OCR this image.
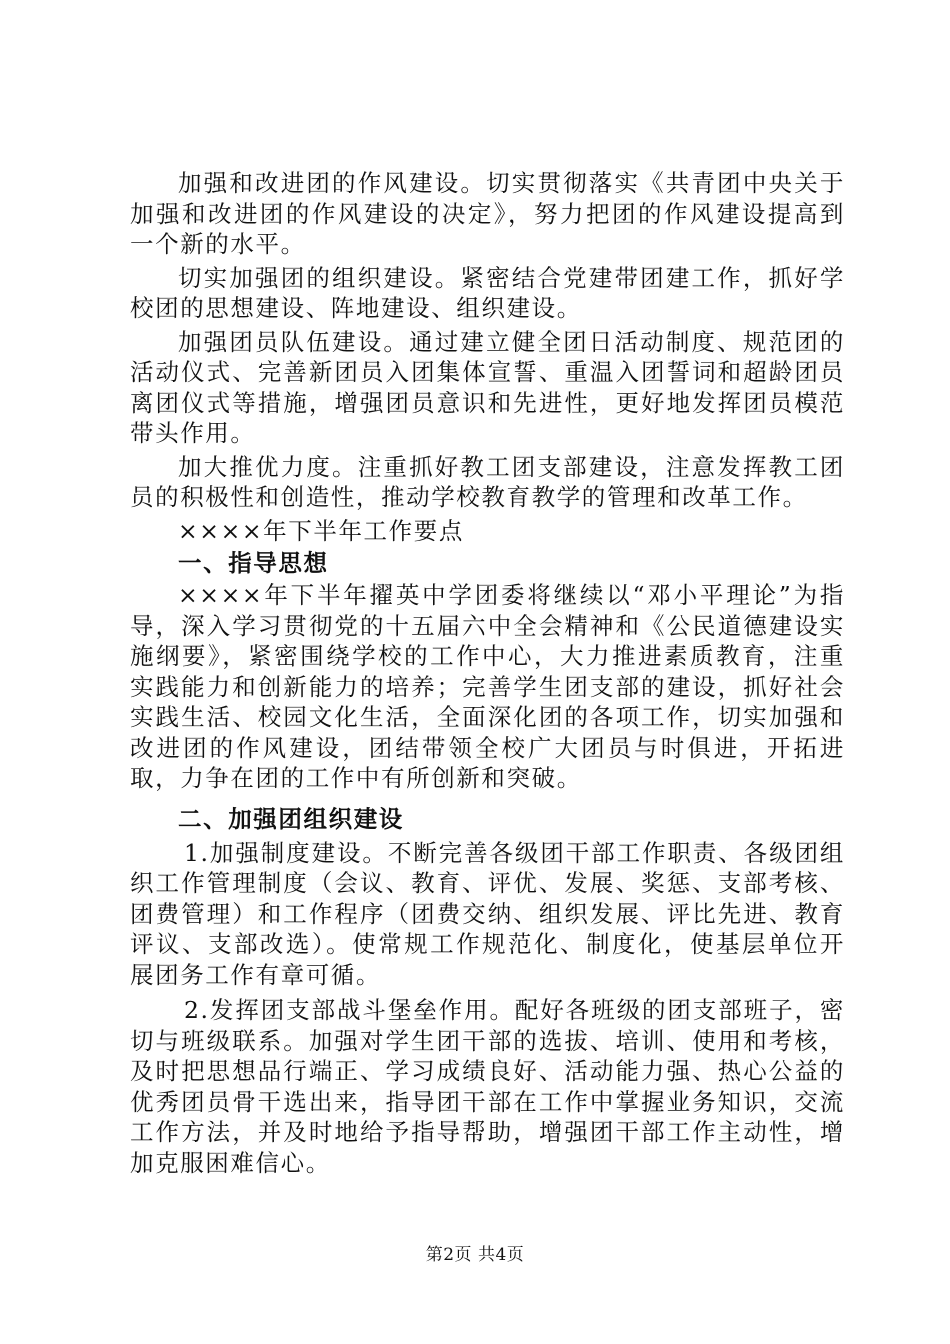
加强和改进团的作风建设。切实贯彻落实《共青团中央关于加强和改进团的作风建设的决定》，努力把团的作风建设提高到一个新的水平。

切实加强团的组织建设。紧密结合党建带团建工作，抓好学校团的思想建设、阵地建设、组织建设。

加强团员队伍建设。通过建立健全团日活动制度、规范团的活动仪式、完善新团员入团集体宣誓、重温入团誓词和超龄团员离团仪式等措施，增强团员意识和先进性，更好地发挥团员模范带头作用。

加大推优力度。注重抓好教工团支部建设，注意发挥教工团员的积极性和创造性，推动学校教育教学的管理和改革工作。

××××年下半年工作要点

一、指导思想

××××年下半年擢英中学团委将继续以“邓小平理论”为指导，深入学习贯彻党的十五届六中全会精神和《公民道德建设实施纲要》，紧密围绕学校的工作中心，大力推进素质教育，注重实践能力和创新能力的培养；完善学生团支部的建设，抓好社会实践生活、校园文化生活，全面深化团的各项工作，切实加强和改进团的作风建设，团结带领全校广大团员与时俱进，开拓进取，力争在团的工作中有所创新和突破。

二、加强团组织建设

1.加强制度建设。不断完善各级团干部工作职责、各级团组织工作管理制度（会议、教育、评优、发展、奖惩、支部考核、团费管理）和工作程序（团费交纳、组织发展、评比先进、教育评议、支部改选）。使常规工作规范化、制度化，使基层单位开展团务工作有章可循。

2.发挥团支部战斗堡垒作用。配好各班级的团支部班子，密切与班级联系。加强对学生团干部的选拔、培训、使用和考核，及时把思想品行端正、学习成绩良好、活动能力强、热心公益的优秀团员骨干选出来，指导团干部在工作中掌握业务知识，交流工作方法，并及时地给予指导帮助，增强团干部工作主动性，增加克服困难信心。

第2页 共4页
